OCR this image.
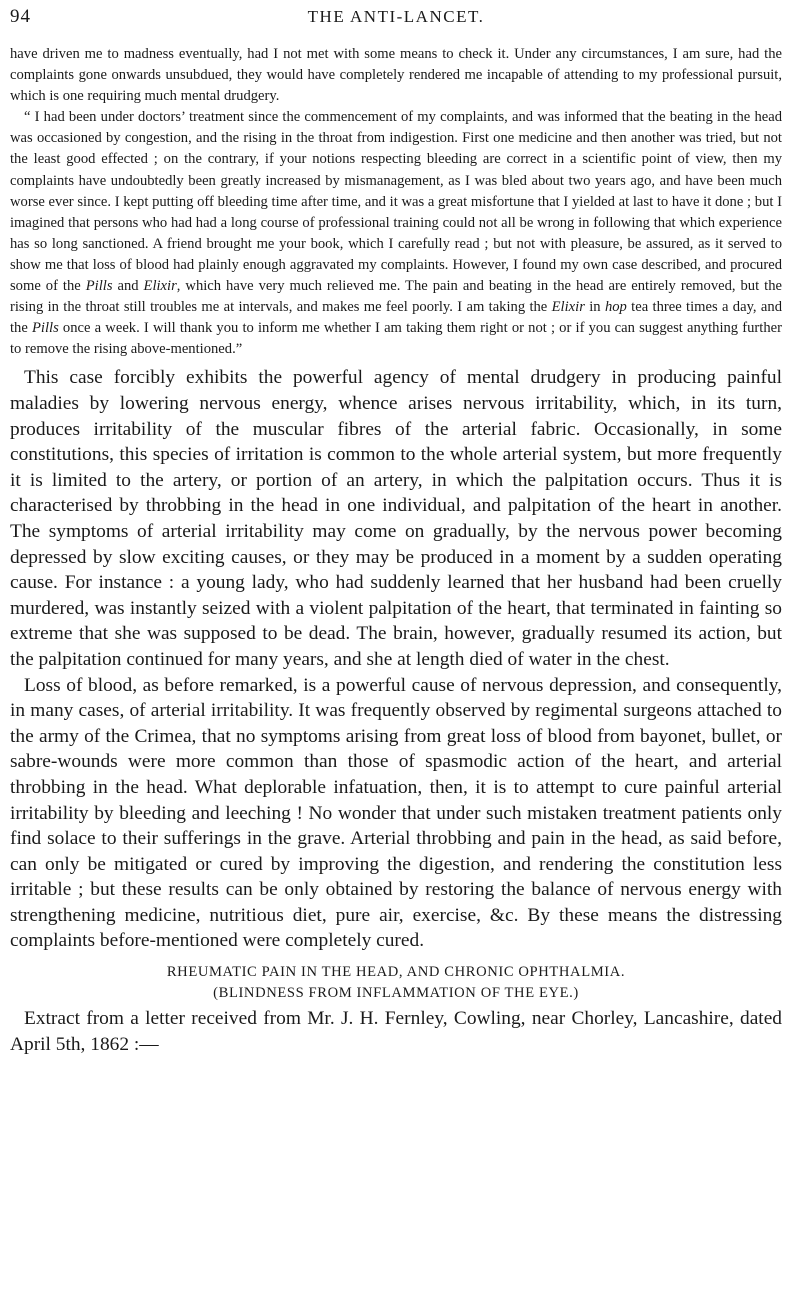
94	THE ANTI-LANCET.

have driven me to madness eventually, had I not met with some means to check it. Under any circumstances, I am sure, had the complaints gone onwards unsubdued, they would have completely rendered me incapable of attending to my professional pursuit, which is one requiring much mental drudgery.

“ I had been under doctors’ treatment since the commencement of my complaints, and was informed that the beating in the head was occasioned by congestion, and the rising in the throat from indigestion. First one medicine and then another was tried, but not the least good effected ; on the contrary, if your notions respecting bleeding are correct in a scientific point of view, then my complaints have undoubtedly been greatly increased by mismanagement, as I was bled about two years ago, and have been much worse ever since. I kept putting off bleeding time after time, and it was a great misfortune that I yielded at last to have it done ; but I imagined that persons who had had a long course of professional training could not all be wrong in following that which experience has so long sanctioned. A friend brought me your book, which I carefully read ; but not with pleasure, be assured, as it served to show me that loss of blood had plainly enough aggravated my complaints. However, I found my own case described, and procured some of the Pills and Elixir, which have very much relieved me. The pain and beating in the head are entirely removed, but the rising in the throat still troubles me at intervals, and makes me feel poorly. I am taking the Elixir in hop tea three times a day, and the Pills once a week. I will thank you to inform me whether I am taking them right or not ; or if you can suggest anything further to remove the rising above-mentioned.”

This case forcibly exhibits the powerful agency of mental drudgery in producing painful maladies by lowering nervous energy, whence arises nervous irritability, which, in its turn, produces irritability of the muscular fibres of the arterial fabric. Occasionally, in some constitutions, this species of irritation is common to the whole arterial system, but more frequently it is limited to the artery, or portion of an artery, in which the palpitation occurs. Thus it is characterised by throbbing in the head in one individual, and palpitation of the heart in another. The symptoms of arterial irritability may come on gradually, by the nervous power becoming depressed by slow exciting causes, or they may be produced in a moment by a sudden operating cause. For instance : a young lady, who had suddenly learned that her husband had been cruelly murdered, was instantly seized with a violent palpitation of the heart, that terminated in fainting so extreme that she was supposed to be dead. The brain, however, gradually resumed its action, but the palpitation continued for many years, and she at length died of water in the chest.

Loss of blood, as before remarked, is a powerful cause of nervous depression, and consequently, in many cases, of arterial irritability. It was frequently observed by regimental surgeons attached to the army of the Crimea, that no symptoms arising from great loss of blood from bayonet, bullet, or sabre-wounds were more common than those of spasmodic action of the heart, and arterial throbbing in the head. What deplorable infatuation, then, it is to attempt to cure painful arterial irritability by bleeding and leeching ! No wonder that under such mistaken treatment patients only find solace to their sufferings in the grave. Arterial throbbing and pain in the head, as said before, can only be mitigated or cured by improving the digestion, and rendering the constitution less irritable ; but these results can be only obtained by restoring the balance of nervous energy with strengthening medicine, nutritious diet, pure air, exercise, &c. By these means the distressing complaints before-mentioned were completely cured.

RHEUMATIC PAIN IN THE HEAD, AND CHRONIC OPHTHALMIA.
(BLINDNESS FROM INFLAMMATION OF THE EYE.)

Extract from a letter received from Mr. J. H. Fernley, Cowling, near Chorley, Lancashire, dated April 5th, 1862 :—
